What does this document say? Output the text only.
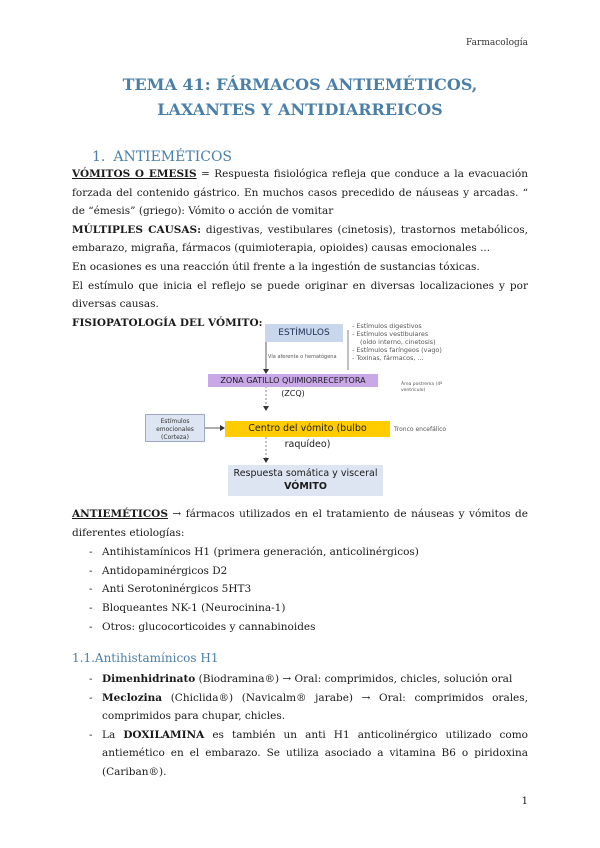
Farmacología
TEMA 41: FÁRMACOS ANTIEMÉTICOS, LAXANTES Y ANTIDIARREICOS
1. ANTIEMÉTICOS

VÓMITOS O EMESIS = Respuesta fisiológica refleja que conduce a la evacuación forzada del contenido gástrico. En muchos casos precedido de náuseas y arcadas. “ de “émesis” (griego): Vómito o acción de vomitar

MÚLTIPLES CAUSAS: digestivas, vestibulares (cinetosis), trastornos metabólicos, embarazo, migraña, fármacos (quimioterapia, opioides) causas emocionales ...

En ocasiones es una reacción útil frente a la ingestión de sustancias tóxicas.

El estímulo que inicia el reflejo se puede originar en diversas localizaciones y por diversas causas.

FISIOPATOLOGÍA DEL VÓMITO:

ESTÍMULOS
- Estímulos digestivos
- Estímulos vestibulares
(oído interno, cinetosis)
- Estímulos faríngeos (vago)
- Toxinas, fármacos, ...
Vía aferente o hematógena
ZONA GATILLO QUIMIORRECEPTORA (ZCQ)
Área postrema (4º
ventrículo)
Estímulos emocionales (Corteza)
Centro del vómito (bulbo raquídeo)
Tronco encefálico
Respuesta somática y visceral
VÓMITO

ANTIEMÉTICOS → fármacos utilizados en el tratamiento de náuseas y vómitos de diferentes etiologías:

- Antihistamínicos H1 (primera generación, anticolinérgicos)
- Antidopaminérgicos D2
- Anti Serotoninérgicos 5HT3
- Bloqueantes NK-1 (Neurocinina-1)
- Otros: glucocorticoides y cannabinoides
1.1.Antihistamínicos H1
- Dimenhidrinato (Biodramina®) → Oral: comprimidos, chicles, solución oral
- Meclozina (Chiclida®) (Navicalm® jarabe) → Oral: comprimidos orales, comprimidos para chupar, chicles.
- La DOXILAMINA es también un anti H1 anticolinérgico utilizado como antiemético en el embarazo. Se utiliza asociado a vitamina B6 o piridoxina (Cariban®).
1
